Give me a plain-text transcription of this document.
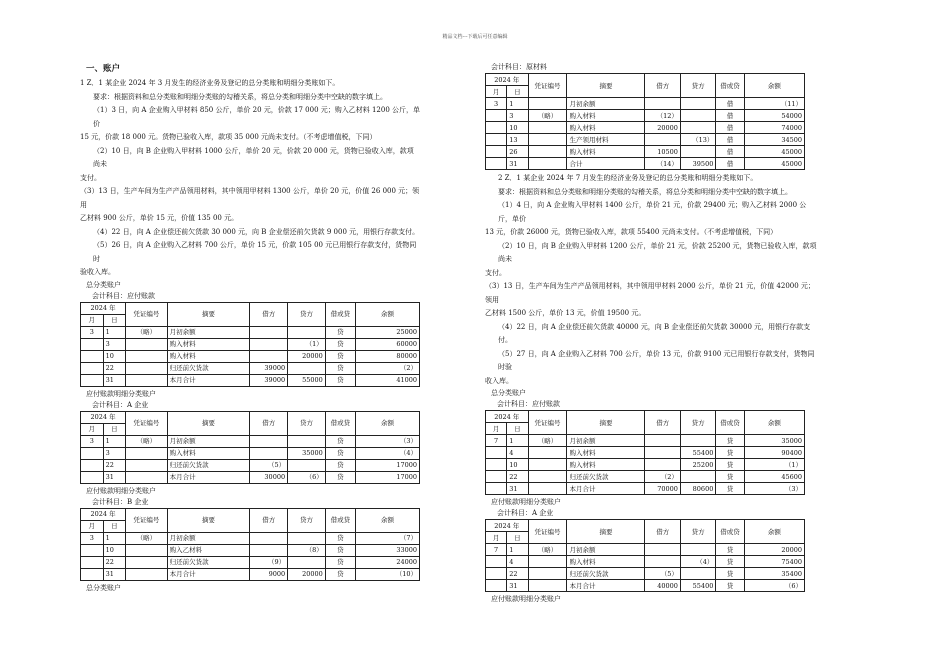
精品文档---下载后可任意编辑
一、账户

1 Z．1 某企业 2024 年 3 月发生的经济业务及登记的总分类账和明细分类账如下。

要求：根据资料和总分类账和明细分类账的勾稽关系，将总分类和明细分类中空缺的数字填上。

（1）3 日，向 A 企业购入甲材料 850 公斤，单价 20 元，价款 17 000 元；购入乙材料 1200 公斤，单价

15 元，价款 18 000 元。货物已验收入库，款项 35 000 元尚未支付。（不考虑增值税，下同）

（2）10 日，向 B 企业购入甲材料 1000 公斤，单价 20 元，价款 20 000 元，货物已验收入库，款项尚未

支付。

（3）13 日，生产车间为生产产品领用材料，其中领用甲材料 1300 公斤，单价 20 元，价值 26 000 元；领用

乙材料 900 公斤，单价 15 元，价值 135 00 元。

（4）22 日，向 A 企业偿还前欠货款 30 000 元，向 B 企业偿还前欠货款 9 000 元，用银行存款支付。

（5）26 日，向 A 企业购入乙材料 700 公斤，单价 15 元，价款 105 00 元已用银行存款支付，货物同时

验收入库。

总分类账户

会计科目：应付账款

2024 年		凭证编号	摘要	借方	贷方	借或贷	余额
月	日						
3	1	（略）	月初余额			贷	25000
	3		购入材料		（1）	贷	60000
	10		购入材料		20000	贷	80000
	22		归还前欠货款	39000		贷	（2）
	31		本月合计	39000	55000	贷	41000

应付账款明细分类账户

会计科目：A 企业

2024 年		凭证编号	摘要	借方	贷方	借或贷	余额
月	日						
3	1	（略）	月初余额			贷	（3）
	3		购入材料		35000	贷	（4）
	22		归还前欠货款	（5）		贷	17000
	31		本月合计	30000	（6）	贷	17000

应付账款明细分类账户

会计科目：B 企业

2024 年		凭证编号	摘要	借方	贷方	借或贷	余额
月	日						
3	1	（略）	月初余额			贷	（7）
	10		购入乙材料		（8）	贷	33000
	22		归还前欠货款	（9）		贷	24000
	31		本月合计	9000	20000	贷	（10）

总分类账户

会计科目：原材料

2024 年		凭证编号	摘要	借方	贷方	借或贷	余额
月	日						
3	1		月初余额			借	（11）
	3	（略）	购入材料	（12）		借	54000
	10		购入材料	20000		借	74000
	13		生产领用材料		（13）	借	34500
	26		购入材料	10500		借	45000
	31		合计	（14）	39500	借	45000

2 Z．1 某企业 2024 年 7 月发生的经济业务及登记的总分类账和明细分类账如下。

要求：根据资料和总分类账和明细分类账的勾稽关系，将总分类和明细分类中空缺的数字填上。

（1）4 日，向 A 企业购入甲材料 1400 公斤，单价 21 元，价款 29400 元；购入乙材料 2000 公斤，单价

13 元，价款 26000 元，货物已验收入库，款项 55400 元尚未支付。（不考虑增值税，下同）

（2）10 日，向 B 企业购入甲材料 1200 公斤，单价 21 元，价款 25200 元，货物已验收入库，款项尚未

支付。

（3）13 日，生产车间为生产产品领用材料，其中领用甲材料 2000 公斤，单价 21 元，价值 42000 元；领用

乙材料 1500 公斤，单价 13 元，价值 19500 元。

（4）22 日，向 A 企业偿还前欠货款 40000 元，向 B 企业偿还前欠货款 30000 元，用银行存款支付。

（5）27 日，向 A 企业购入乙材料 700 公斤，单价 13 元，价款 9100 元已用银行存款支付，货物同时验

收入库。

总分类账户

会计科目：应付账款

2024 年		凭证编号	摘要	借方	贷方	借或贷	余额
月	日						
7	1	（略）	月初余额			贷	35000
	4		购入材料		55400	贷	90400
	10		购入材料		25200	贷	（1）
	22		归还前欠货款	（2）		贷	45600
	31		本月合计	70000	80600	贷	（3）

应付账款明细分类账户

会计科目：A 企业

2024 年		凭证编号	摘要	借方	贷方	借或贷	余额
月	日						
7	1	（略）	月初余额			贷	20000
	4		购入材料		（4）	贷	75400
	22		归还前欠货款	（5）		贷	35400
	31		本月合计	40000	55400	贷	（6）

应付账款明细分类账户
